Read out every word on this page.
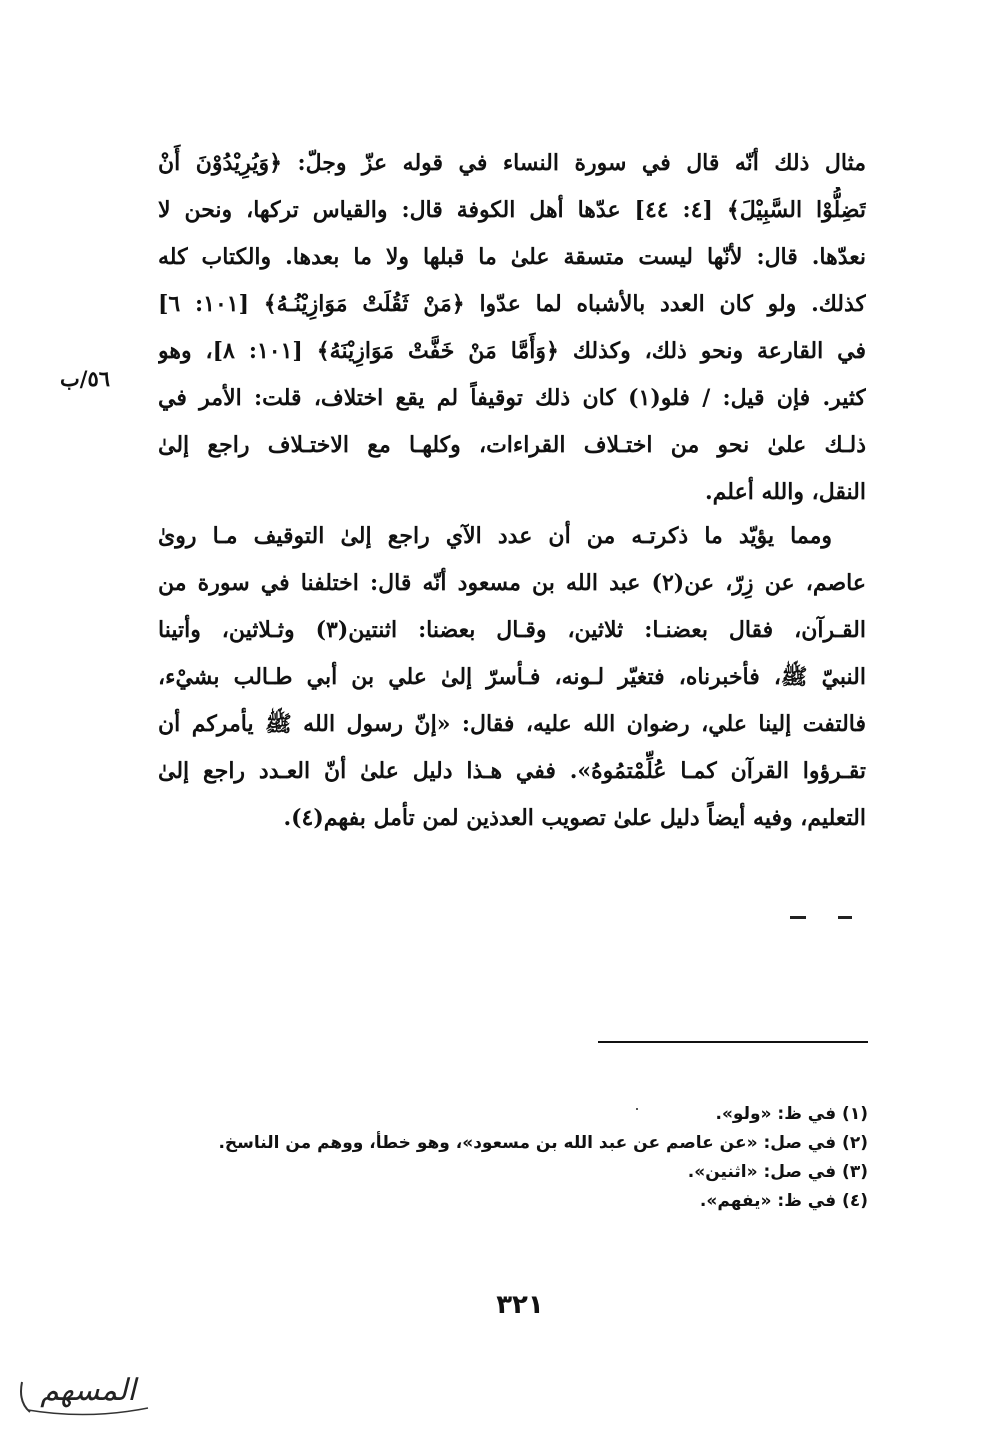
مثال ذلك أنّه قال في سورة النساء في قوله عزّ وجلّ: ﴿وَيُرِيْدُوْنَ أَنْ
تَضِلُّوْا السَّبِيْلَ﴾ [٤: ٤٤] عدّها أهل الكوفة قال: والقياس تركها، ونحن لا
نعدّها. قال: لأنّها ليست متسقة علىٰ ما قبلها ولا ما بعدها. والكتاب كله
كذلك. ولو كان العدد بالأشباه لما عدّوا ﴿مَنْ ثَقُلَتْ مَوَازِيْنُـهُ﴾ [١٠١: ٦]
في القارعة ونحو ذلك، وكذلك ﴿وَأَمَّا مَنْ خَفَّتْ مَوَازِيْنَهُ﴾ [١٠١: ٨]، وهو
كثير. فإن قيل: / فلو(١) كان ذلك توقيفاً لم يقع اختلاف، قلت: الأمر في
ذلـك علىٰ نحو من اختـلاف القراءات، وكلهـا مع الاختـلاف راجع إلىٰ
النقل، والله أعلم.
٥٦/ب
ومما يؤيّد ما ذكرتـه من أن عدد الآي راجع إلىٰ التوقيف مـا روىٰ
عاصم، عن زِرّ، عن(٢) عبد الله بن مسعود أنّه قال: اختلفنا في سورة من
القـرآن، فقال بعضنـا: ثلاثين، وقـال بعضنا: اثنتين(٣) وثـلاثين، وأتينا
النبيّ ﷺ، فأخبرناه، فتغيّر لـونه، فـأسرّ إلىٰ علي بن أبي طـالب بشيْء،
فالتفت إلينا علي، رضوان الله عليه، فقال: «إنّ رسول الله ﷺ يأمركم أن
تقـرؤوا القرآن كمـا عُلِّمْتمُوهُ». ففي هـذا دليل علىٰ أنّ العـدد راجع إلىٰ
التعليم، وفيه أيضاً دليل علىٰ تصويب العدذين لمن تأمل بفهم(٤).
(١) في ظ: «ولو».
(٢) في صل: «عن عاصم عن عبد الله بن مسعود»، وهو خطأ، ووهم من الناسخ.
(٣) في صل: «اثنين».
(٤) في ظ: «يفهم».
٣٢١
المسهم
